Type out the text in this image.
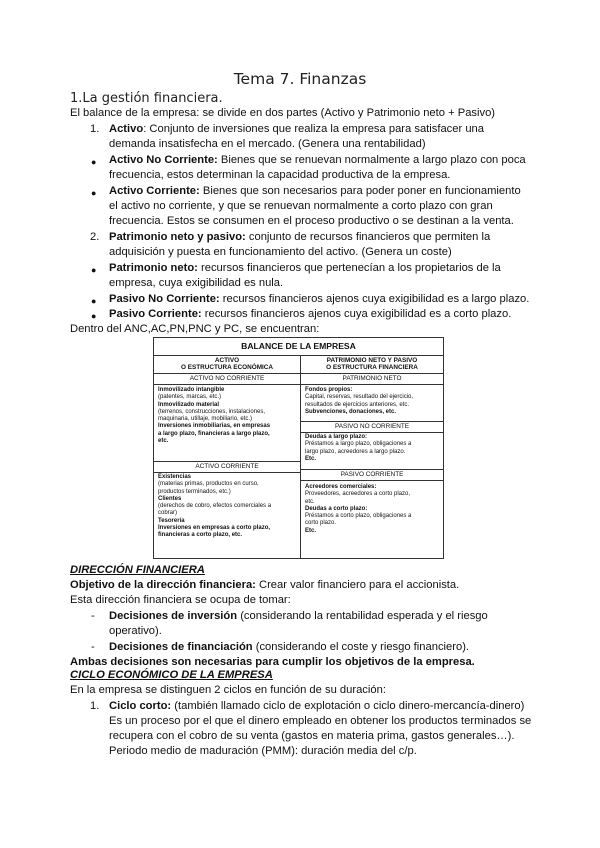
Tema 7. Finanzas
1.La gestión financiera.
El balance de la empresa: se divide en dos partes (Activo y Patrimonio neto + Pasivo)
1. Activo: Conjunto de inversiones que realiza la empresa para satisfacer una
demanda insatisfecha en el mercado. (Genera una rentabilidad)
● Activo No Corriente: Bienes que se renuevan normalmente a largo plazo con poca
frecuencia, estos determinan la capacidad productiva de la empresa.
● Activo Corriente: Bienes que son necesarios para poder poner en funcionamiento
el activo no corriente, y que se renuevan normalmente a corto plazo con gran
frecuencia. Estos se consumen en el proceso productivo o se destinan a la venta.
2. Patrimonio neto y pasivo: conjunto de recursos financieros que permiten la
adquisición y puesta en funcionamiento del activo. (Genera un coste)
● Patrimonio neto: recursos financieros que pertenecían a los propietarios de la
empresa, cuya exigibilidad es nula.
● Pasivo No Corriente: recursos financieros ajenos cuya exigibilidad es a largo plazo.
● Pasivo Corriente: recursos financieros ajenos cuya exigibilidad es a corto plazo.
Dentro del ANC,AC,PN,PNC y PC, se encuentran:
BALANCE DE LA EMPRESA
ACTIVO
O ESTRUCTURA ECONÓMICA
PATRIMONIO NETO Y PASIVO
O ESTRUCTURA FINANCIERA
ACTIVO NO CORRIENTE	PATRIMONIO NETO
Inmovilizado intangible
(patentes, marcas, etc.)
Inmovilizado material
(terrenos, construcciones, instalaciones,
maquinaria, utillaje, mobiliario, etc.)
Inversiones inmobiliarias, en empresas
a largo plazo, financieras a largo plazo,
etc.
Fondos propios:
Capital, reservas, resultado del ejercicio,
resultados de ejercicios anteriores, etc.
Subvenciones, donaciones, etc.
PASIVO NO CORRIENTE
Deudas a largo plazo:
Préstamos a largo plazo, obligaciones a
largo plazo, acreedores a largo plazo.
Etc.
ACTIVO CORRIENTE
Existencias
(materias primas, productos en curso,
productos terminados, etc.)
Clientes
(derechos de cobro, efectos comerciales a
cobrar)
Tesorería
Inversiones en empresas a corto plazo,
financieras a corto plazo, etc.
PASIVO CORRIENTE
Acreedores comerciales:
Proveedores, acreedores a corto plazo,
etc.
Deudas a corto plazo:
Préstamos a corto plazo, obligaciones a
corto plazo.
Etc.
DIRECCIÓN FINANCIERA
Objetivo de la dirección financiera: Crear valor financiero para el accionista.
Esta dirección financiera se ocupa de tomar:
- Decisiones de inversión (considerando la rentabilidad esperada y el riesgo
operativo).
- Decisiones de financiación (considerando el coste y riesgo financiero).
Ambas decisiones son necesarias para cumplir los objetivos de la empresa.
CICLO ECONÓMICO DE LA EMPRESA
En la empresa se distinguen 2 ciclos en función de su duración:
1. Ciclo corto: (también llamado ciclo de explotación o ciclo dinero-mercancía-dinero)
Es un proceso por el que el dinero empleado en obtener los productos terminados se
recupera con el cobro de su venta (gastos en materia prima, gastos generales…).
Periodo medio de maduración (PMM): duración media del c/p.
